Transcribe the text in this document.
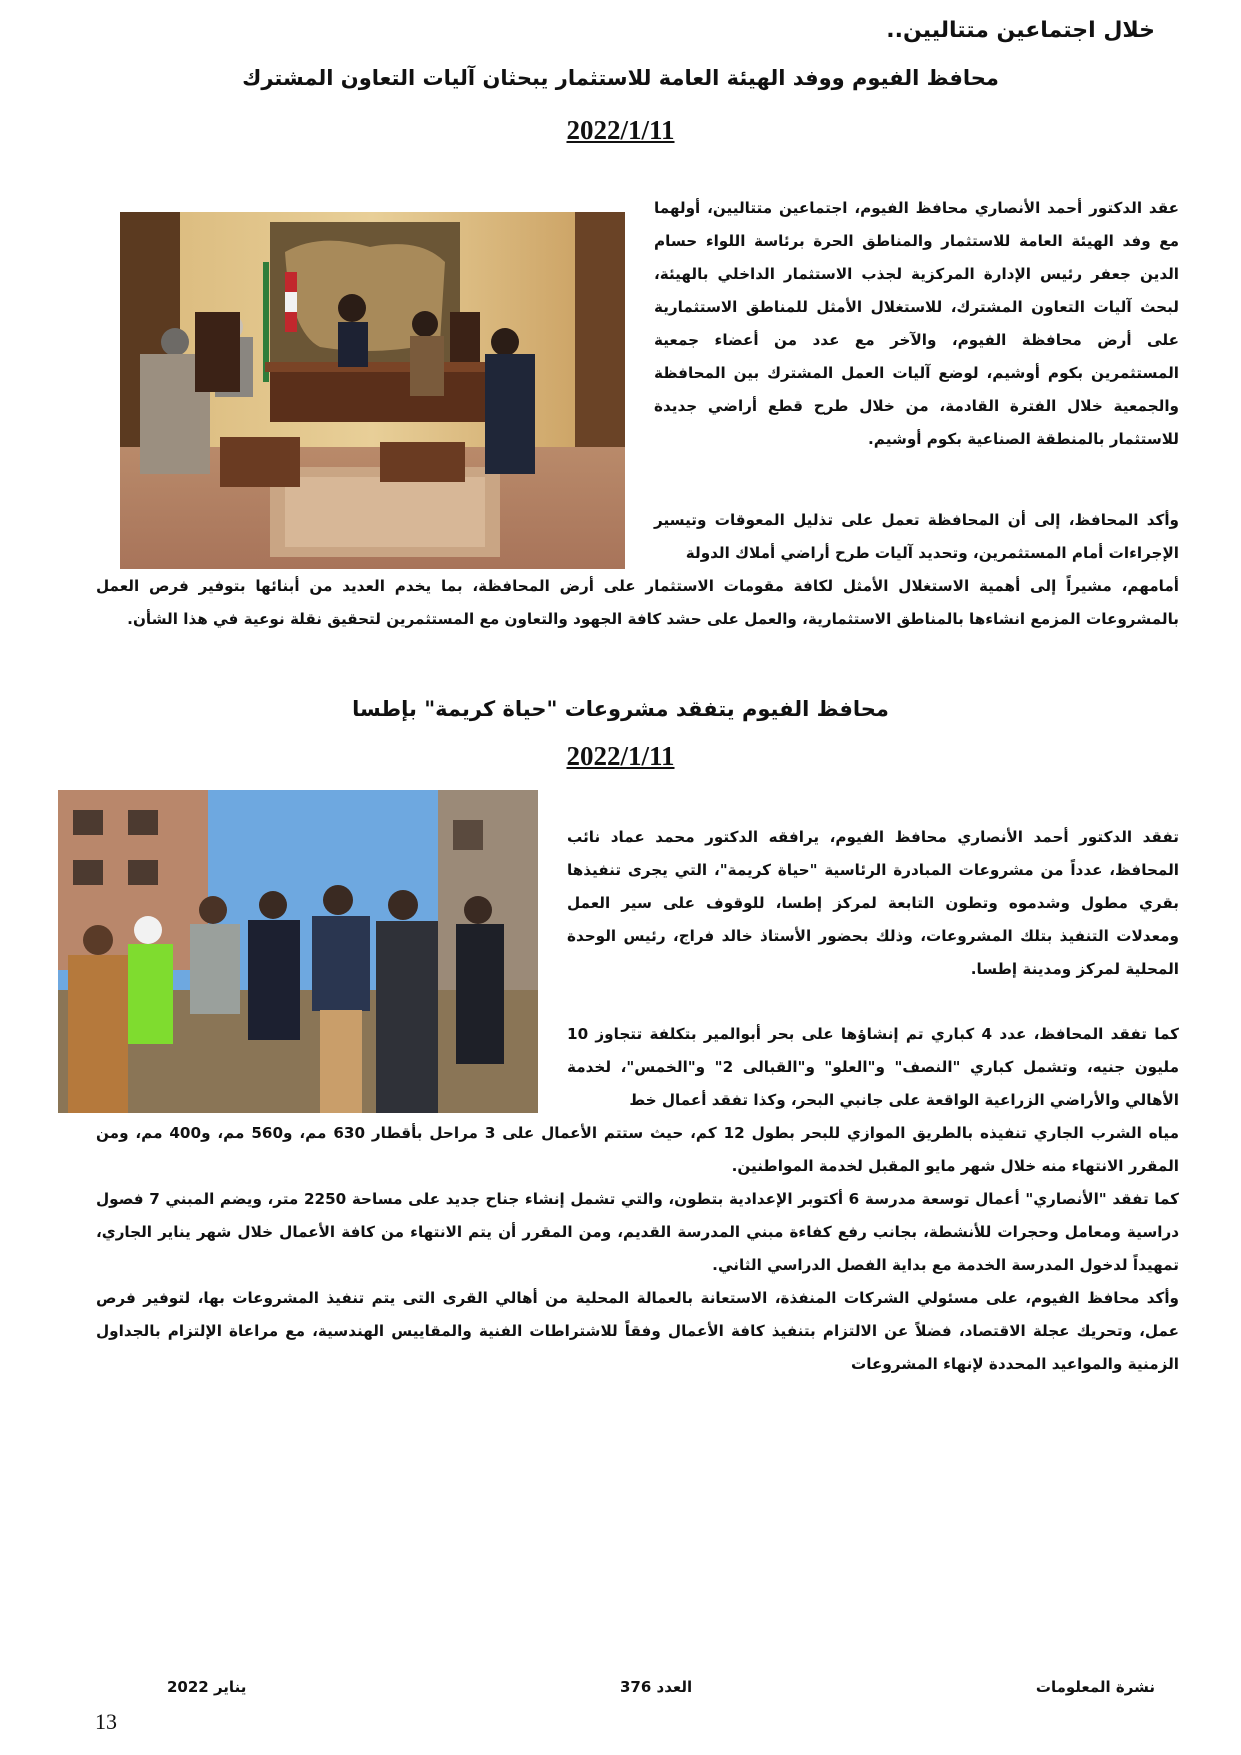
خلال اجتماعين متتاليين..
محافظ الفيوم ووفد الهيئة العامة للاستثمار يبحثان آليات التعاون المشترك
2022/1/11
عقد الدكتور أحمد الأنصاري محافظ الفيوم، اجتماعين متتاليين، أولهما مع وفد الهيئة العامة للاستثمار والمناطق الحرة برئاسة اللواء حسام الدين جعفر رئيس الإدارة المركزية لجذب الاستثمار الداخلي بالهيئة، لبحث آليات التعاون المشترك، للاستغلال الأمثل للمناطق الاستثمارية على أرض محافظة الفيوم، والآخر مع عدد من أعضاء جمعية المستثمرين بكوم أوشيم، لوضع آليات العمل المشترك بين المحافظة والجمعية خلال الفترة القادمة، من خلال طرح قطع أراضي جديدة للاستثمار بالمنطقة الصناعية بكوم أوشيم.
وأكد المحافظ، إلى أن المحافظة تعمل على تذليل المعوقات وتيسير الإجراءات أمام المستثمرين، وتحديد آليات طرح أراضي أملاك الدولة
أمامهم، مشيراً إلى أهمية الاستغلال الأمثل لكافة مقومات الاستثمار على أرض المحافظة، بما يخدم العديد من أبنائها بتوفير فرص العمل بالمشروعات المزمع انشاءها بالمناطق الاستثمارية، والعمل على حشد كافة الجهود والتعاون مع المستثمرين لتحقيق نقلة نوعية في هذا الشأن.
محافظ الفيوم يتفقد مشروعات "حياة كريمة" بإطسا
2022/1/11
تفقد الدكتور أحمد الأنصاري محافظ الفيوم، يرافقه الدكتور محمد عماد نائب المحافظ، عدداً من مشروعات المبادرة الرئاسية "حياة كريمة"، التي يجرى تنفيذها بقري مطول وشدموه وتطون التابعة لمركز إطسا، للوقوف على سير العمل ومعدلات التنفيذ بتلك المشروعات، وذلك بحضور الأستاذ خالد فراج، رئيس الوحدة المحلية لمركز ومدينة إطسا.
كما تفقد المحافظ، عدد 4 كباري تم إنشاؤها على بحر أبوالمير بتكلفة تتجاوز 10 مليون جنيه، وتشمل كباري "النصف" و"العلو" و"القبالى 2" و"الخمس"، لخدمة الأهالي والأراضي الزراعية الواقعة على جانبي البحر، وكذا تفقد أعمال خط
مياه الشرب الجاري تنفيذه بالطريق الموازي للبحر بطول 12 كم، حيث ستتم الأعمال على 3 مراحل بأقطار 630 مم، و560 مم، و400 مم، ومن المقرر الانتهاء منه خلال شهر مايو المقبل لخدمة المواطنين.
كما تفقد "الأنصاري" أعمال توسعة مدرسة 6 أكتوبر الإعدادية بتطون، والتي تشمل إنشاء جناح جديد على مساحة 2250 متر، ويضم المبني 7 فصول دراسية ومعامل وحجرات للأنشطة، بجانب رفع كفاءة مبني المدرسة القديم، ومن المقرر أن يتم الانتهاء من كافة الأعمال خلال شهر يناير الجاري، تمهيداً لدخول المدرسة الخدمة مع بداية الفصل الدراسي الثاني.
وأكد محافظ الفيوم، على مسئولي الشركات المنفذة، الاستعانة بالعمالة المحلية من أهالي القرى التى يتم تنفيذ المشروعات بها، لتوفير فرص عمل، وتحريك عجلة الاقتصاد، فضلاً عن الالتزام بتنفيذ كافة الأعمال وفقاً للاشتراطات الفنية والمقاييس الهندسية، مع مراعاة الإلتزام بالجداول الزمنية والمواعيد المحددة لإنهاء المشروعات
نشرة المعلومات
العدد 376
يناير 2022
13
